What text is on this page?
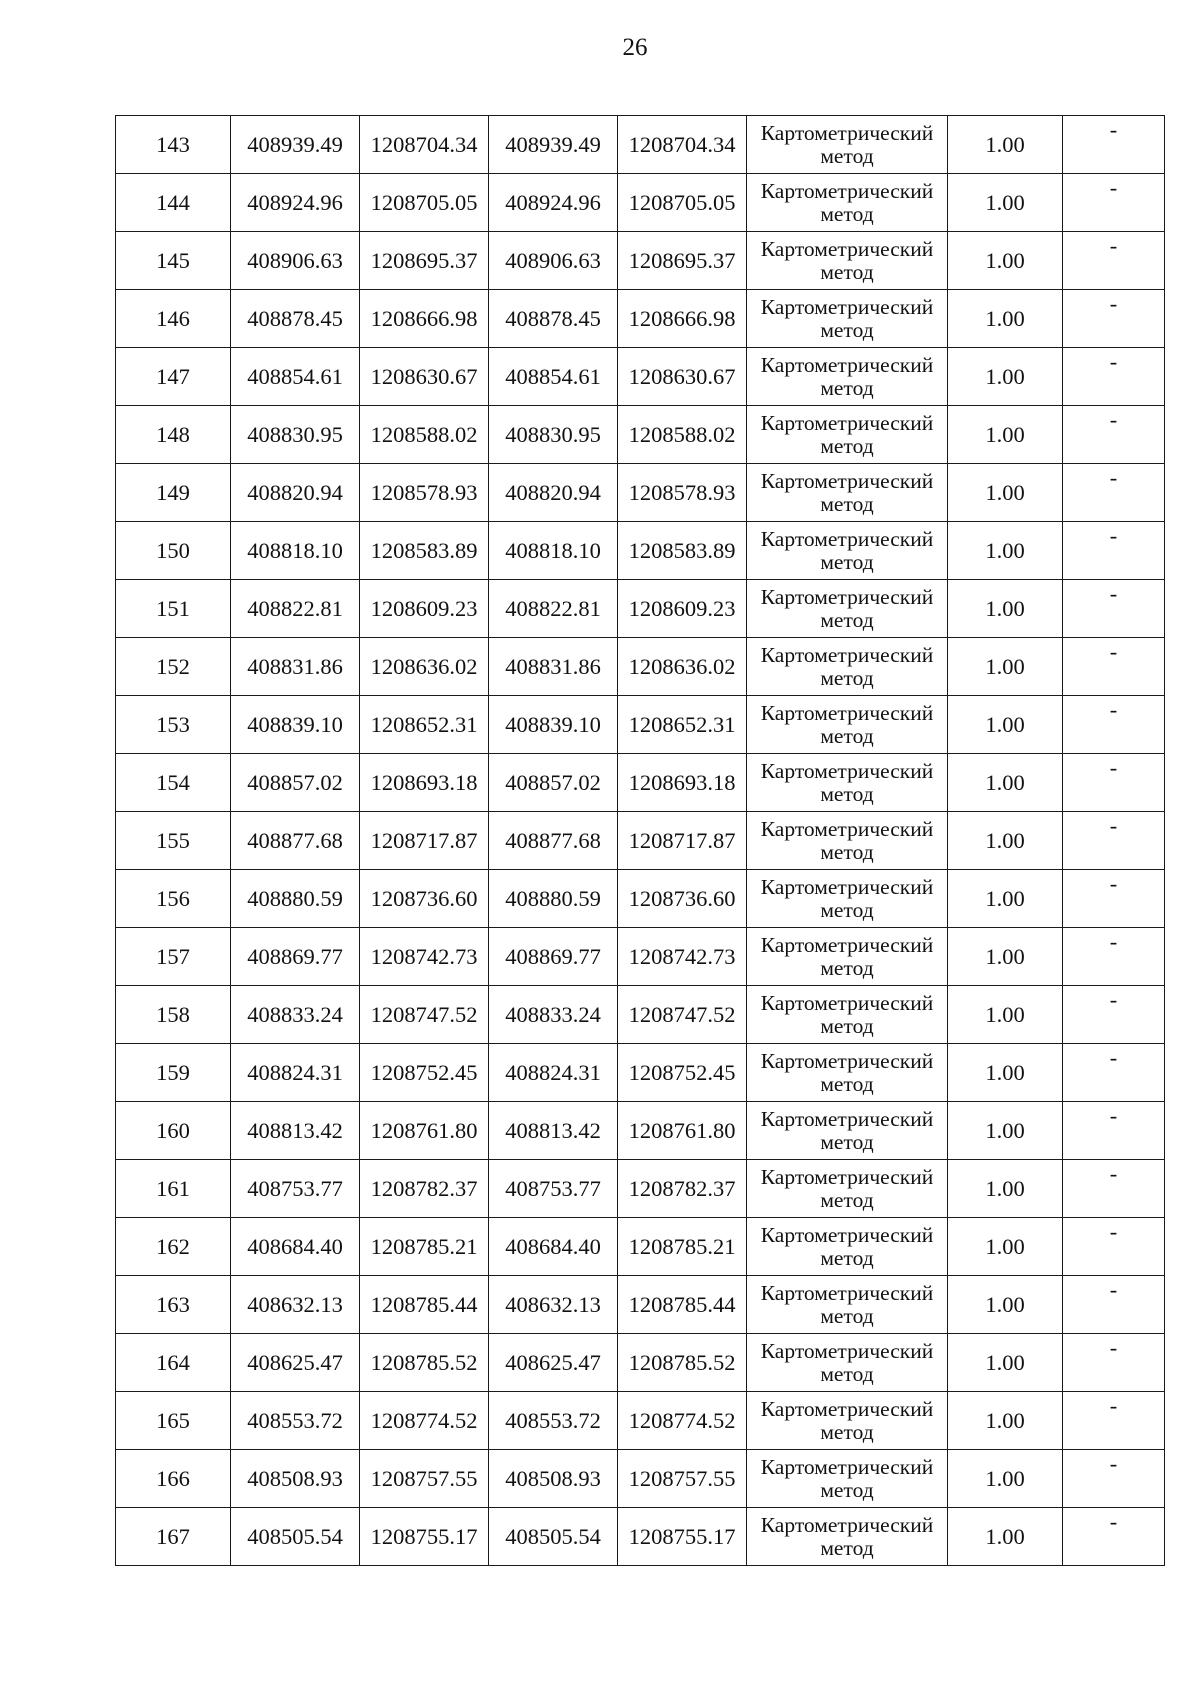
26
143	408939.49	1208704.34	408939.49	1208704.34	Картометрический
метод	1.00	-
144	408924.96	1208705.05	408924.96	1208705.05	Картометрический
метод	1.00	-
145	408906.63	1208695.37	408906.63	1208695.37	Картометрический
метод	1.00	-
146	408878.45	1208666.98	408878.45	1208666.98	Картометрический
метод	1.00	-
147	408854.61	1208630.67	408854.61	1208630.67	Картометрический
метод	1.00	-
148	408830.95	1208588.02	408830.95	1208588.02	Картометрический
метод	1.00	-
149	408820.94	1208578.93	408820.94	1208578.93	Картометрический
метод	1.00	-
150	408818.10	1208583.89	408818.10	1208583.89	Картометрический
метод	1.00	-
151	408822.81	1208609.23	408822.81	1208609.23	Картометрический
метод	1.00	-
152	408831.86	1208636.02	408831.86	1208636.02	Картометрический
метод	1.00	-
153	408839.10	1208652.31	408839.10	1208652.31	Картометрический
метод	1.00	-
154	408857.02	1208693.18	408857.02	1208693.18	Картометрический
метод	1.00	-
155	408877.68	1208717.87	408877.68	1208717.87	Картометрический
метод	1.00	-
156	408880.59	1208736.60	408880.59	1208736.60	Картометрический
метод	1.00	-
157	408869.77	1208742.73	408869.77	1208742.73	Картометрический
метод	1.00	-
158	408833.24	1208747.52	408833.24	1208747.52	Картометрический
метод	1.00	-
159	408824.31	1208752.45	408824.31	1208752.45	Картометрический
метод	1.00	-
160	408813.42	1208761.80	408813.42	1208761.80	Картометрический
метод	1.00	-
161	408753.77	1208782.37	408753.77	1208782.37	Картометрический
метод	1.00	-
162	408684.40	1208785.21	408684.40	1208785.21	Картометрический
метод	1.00	-
163	408632.13	1208785.44	408632.13	1208785.44	Картометрический
метод	1.00	-
164	408625.47	1208785.52	408625.47	1208785.52	Картометрический
метод	1.00	-
165	408553.72	1208774.52	408553.72	1208774.52	Картометрический
метод	1.00	-
166	408508.93	1208757.55	408508.93	1208757.55	Картометрический
метод	1.00	-
167	408505.54	1208755.17	408505.54	1208755.17	Картометрический
метод	1.00	-
